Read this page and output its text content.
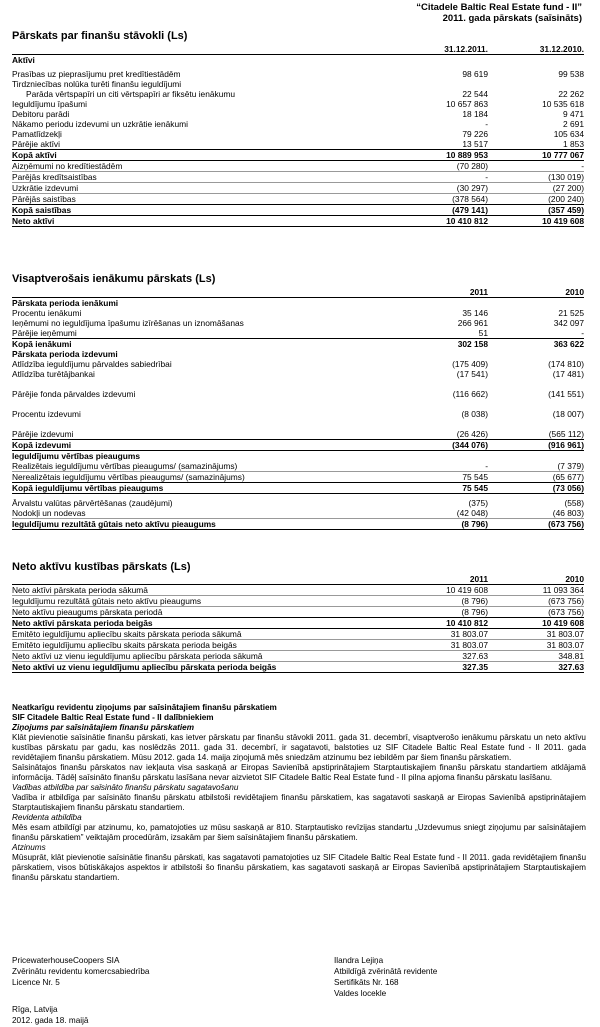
“Citadele Baltic Real Estate fund - II”
2011. gada pārskats (saīsināts)
Pārskats par finanšu stāvokli (Ls)
	31.12.2011.	31.12.2010.
Aktīvi		
Prasības uz pieprasījumu pret kredītiestādēm	98 619	99 538
Tirdzniecības nolūka turēti finanšu ieguldījumi		
Parāda vērtspapīri un citi vērtspapīri ar fiksētu ienākumu	22 544	22 262
Ieguldījumu īpašumi	10 657 863	10 535 618
Debitoru parādi	18 184	9 471
Nākamo periodu izdevumi un uzkrātie ienākumi	-	2 691
Pamatlīdzekļi	79 226	105 634
Pārējie aktīvi	13 517	1 853
Kopā aktīvi	10 889 953	10 777 067
Aizņēmumi no kredītiestādēm	(70 280)	-
Parējās kredītsaistības	-	(130 019)
Uzkrātie izdevumi	(30 297)	(27 200)
Pārējās saistības	(378 564)	(200 240)
Kopā saistības	(479 141)	(357 459)
Neto aktīvi	10 410 812	10 419 608
Visaptverošais ienākumu pārskats (Ls)
	2011	2010
Pārskata perioda ienākumi		
Procentu ienākumi	35 146	21 525
Ieņēmumi no ieguldījuma īpašumu izīrēšanas un iznomāšanas	266 961	342 097
Pārējie ieņēmumi	51	-
Kopā ienākumi	302 158	363 622
Pārskata perioda izdevumi		
Atlīdzība ieguldījumu pārvaldes sabiedrībai	(175 409)	(174 810)
Atlīdzība turētājbankai	(17 541)	(17 481)
Pārējie fonda pārvaldes izdevumi	(116 662)	(141 551)
Procentu izdevumi	(8 038)	(18 007)
Pārējie izdevumi	(26 426)	(565 112)
Kopā izdevumi	(344 076)	(916 961)
Ieguldījumu vērtības pieaugums		
Realizētais ieguldījumu vērtības pieaugums/ (samazinājums)	-	(7 379)
Nerealizētais ieguldījumu vērtības pieaugums/ (samazinājums)	75 545	(65 677)
Kopā ieguldījumu vērtības pieaugums	75 545	(73 056)
Ārvalstu valūtas pārvērtēšanas (zaudējumi)	(375)	(558)
Nodokļi un nodevas	(42 048)	(46 803)
Ieguldījumu rezultātā gūtais neto aktīvu pieaugums	(8 796)	(673 756)
Neto aktīvu kustības pārskats (Ls)
	2011	2010
Neto aktīvi pārskata perioda sākumā	10 419 608	11 093 364
Ieguldījumu rezultātā gūtais neto aktīvu pieaugums	(8 796)	(673 756)
Neto aktīvu pieaugums pārskata periodā	(8 796)	(673 756)
Neto aktīvi pārskata perioda beigās	10 410 812	10 419 608
Emitēto ieguldījumu apliecību skaits pārskata perioda sākumā	31 803.07	31 803.07
Emitēto ieguldījumu apliecību skaits pārskata perioda beigās	31 803.07	31 803.07
Neto aktīvi uz vienu ieguldījumu apliecību pārskata perioda sākumā	327.63	348.81
Neto aktīvi uz vienu ieguldījumu apliecību pārskata perioda beigās	327.35	327.63

Neatkarīgu revidentu ziņojums par saīsinātajiem finanšu pārskatiem

SIF Citadele Baltic Real Estate fund - II dalībniekiem

Ziņojums par saīsinātajiem finanšu pārskatiem

Klāt pievienotie saīsinātie finanšu pārskati, kas ietver pārskatu par finanšu stāvokli 2011. gada 31. decembrī, visaptverošo ienākumu pārskatu un neto aktīvu kustības pārskatu par gadu, kas noslēdzās 2011. gada 31. decembrī, ir sagatavoti, balstoties uz SIF Citadele Baltic Real Estate fund - II 2011. gada revidētajiem finanšu pārskatiem. Mūsu 2012. gada 14. maija ziņojumā mēs sniedzām atzinumu bez iebildēm par šiem finanšu pārskatiem.

Saīsinātajos finanšu pārskatos nav iekļauta visa saskaņā ar Eiropas Savienībā apstiprinātajiem Starptautiskajiem finanšu pārskatu standartiem atklājamā informācija. Tādēļ saīsināto finanšu pārskatu lasīšana nevar aizvietot SIF Citadele Baltic Real Estate fund - II pilna apjoma finanšu pārskatu lasīšanu.

Vadības atbildība par saīsināto finanšu pārskatu sagatavošanu

Vadība ir atbildīga par saīsināto finanšu pārskatu atbilstoši revidētajiem finanšu pārskatiem, kas sagatavoti saskaņā ar Eiropas Savienībā apstiprinātajiem Starptautiskajiem finanšu pārskatu standartiem.

Revidenta atbildība

Mēs esam atbildīgi par atzinumu, ko, pamatojoties uz mūsu saskaņā ar 810. Starptautisko revīzijas standartu „Uzdevumus sniegt ziņojumu par saīsinātajiem finanšu pārskatiem” veiktajām procedūrām, izsakām par šiem saīsinātajiem finanšu pārskatiem.

Atzinums

Mūsuprāt, klāt pievienotie saīsinātie finanšu pārskati, kas sagatavoti pamatojoties uz SIF Citadele Baltic Real Estate fund - II 2011. gada revidētajiem finanšu pārskatiem, visos būtiskākajos aspektos ir atbilstoši šo finanšu pārskatiem, kas sagatavoti saskaņā ar Eiropas Savienībā apstiprinātajiem Starptautiskajiem finanšu pārskatu standartiem.

PricewaterhouseCoopers SIA
Zvērinātu revidentu komercsabiedrība
Licence Nr. 5
Ilandra Lejiņa
Atbildīgā zvērinātā revidente
Sertifikāts Nr. 168
Valdes locekle
Rīga, Latvija
2012. gada 18. maijā
